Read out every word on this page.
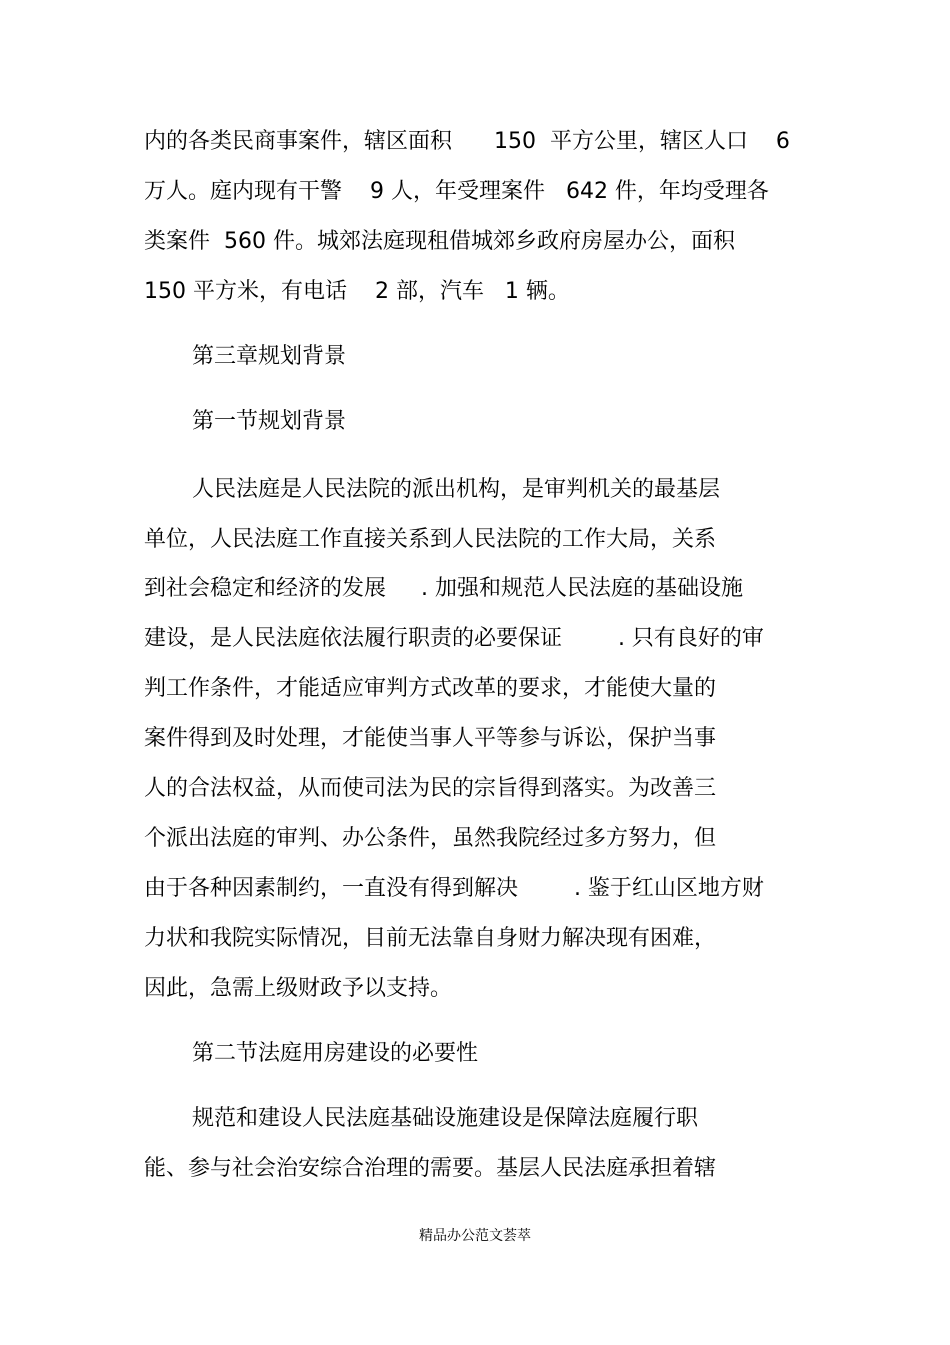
内的各类民商事案件，辖区面积      150  平方公里，辖区人口    6
万人。庭内现有干警    9 人，年受理案件   642 件，年均受理各
类案件  560 件。城郊法庭现租借城郊乡政府房屋办公，面积
150 平方米，有电话    2 部，汽车   1 辆。
第三章规划背景
第一节规划背景
人民法庭是人民法院的派出机构，是审判机关的最基层
单位，人民法庭工作直接关系到人民法院的工作大局，关系
到社会稳定和经济的发展     . 加强和规范人民法庭的基础设施
建设，是人民法庭依法履行职责的必要保证        . 只有良好的审
判工作条件，才能适应审判方式改革的要求，才能使大量的
案件得到及时处理，才能使当事人平等参与诉讼，保护当事
人的合法权益，从而使司法为民的宗旨得到落实。为改善三
个派出法庭的审判、办公条件，虽然我院经过多方努力，但
由于各种因素制约，一直没有得到解决        . 鉴于红山区地方财
力状和我院实际情况，目前无法靠自身财力解决现有困难，
因此，急需上级财政予以支持。
第二节法庭用房建设的必要性
规范和建设人民法庭基础设施建设是保障法庭履行职
能、参与社会治安综合治理的需要。基层人民法庭承担着辖
精品办公范文荟萃
